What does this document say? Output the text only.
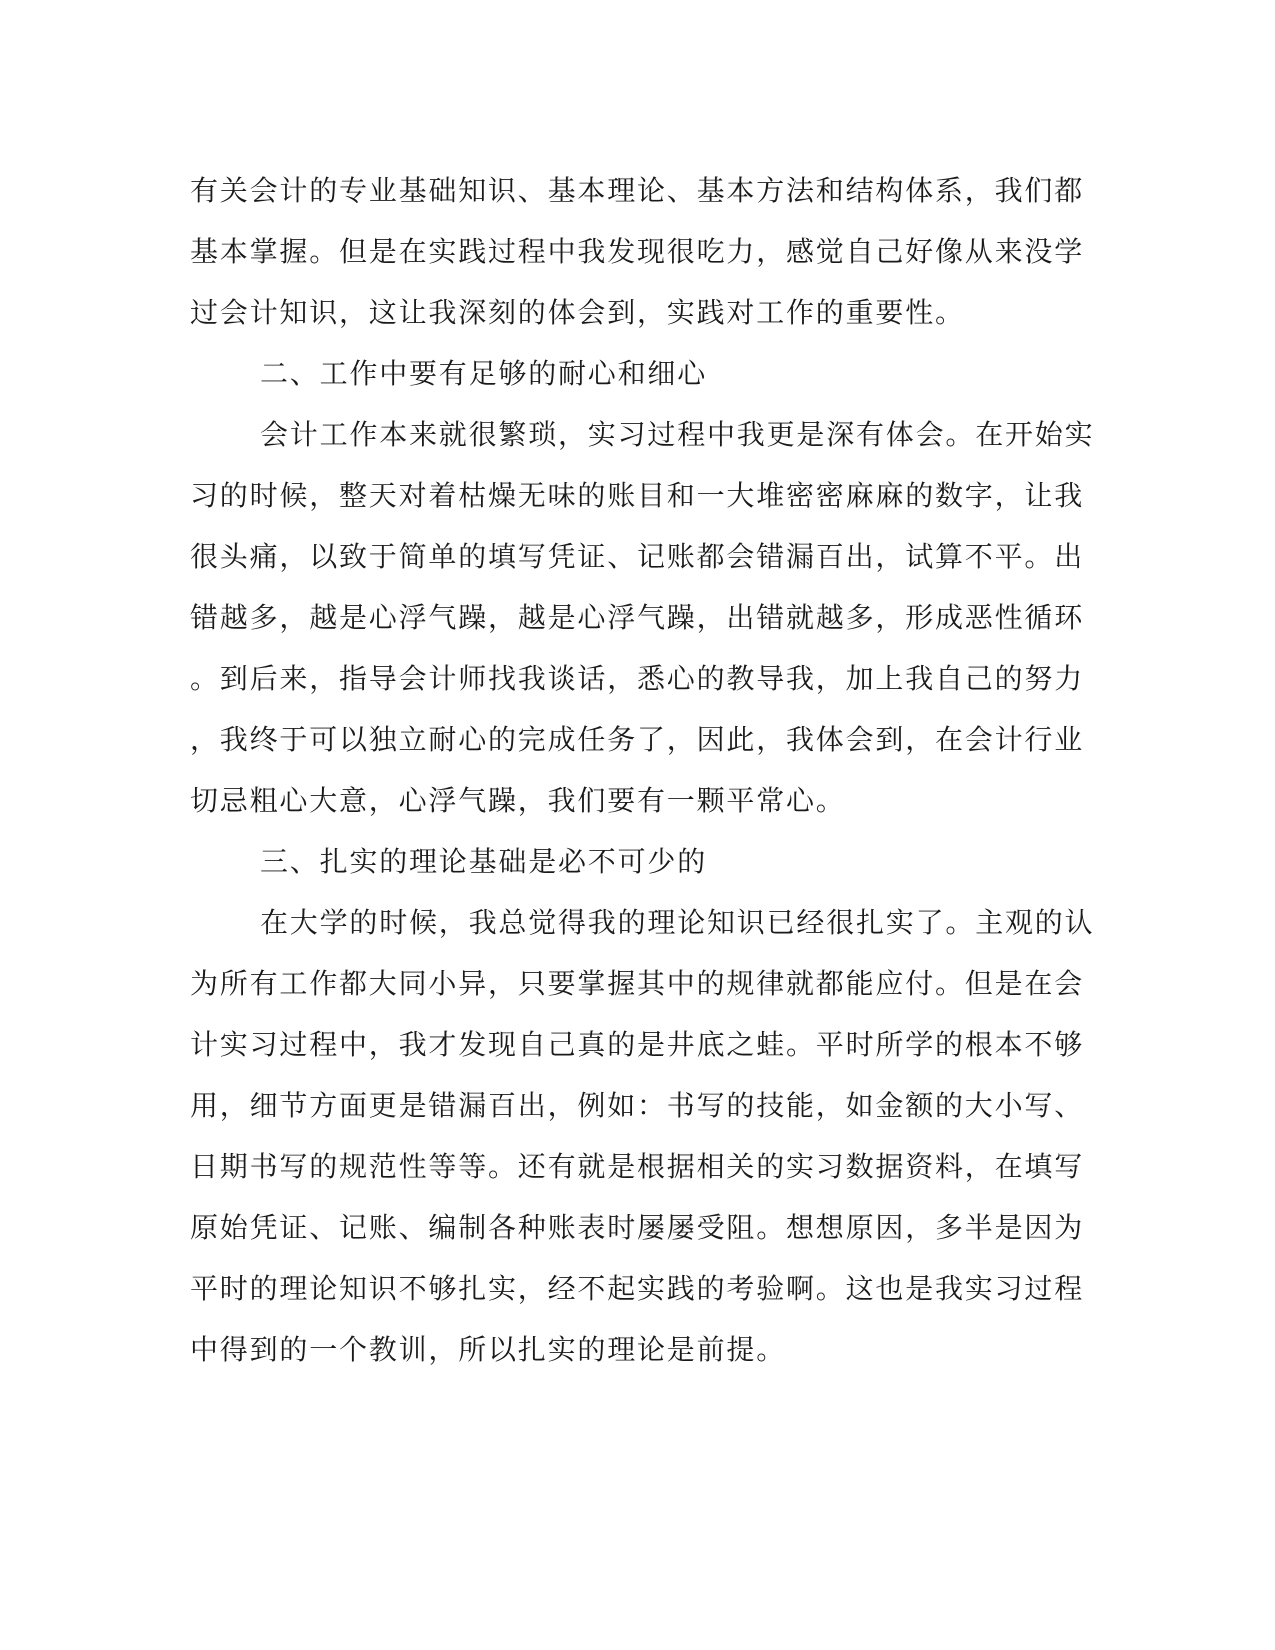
有关会计的专业基础知识、基本理论、基本方法和结构体系，我们都
基本掌握。但是在实践过程中我发现很吃力，感觉自己好像从来没学
过会计知识，这让我深刻的体会到，实践对工作的重要性。
二、工作中要有足够的耐心和细心
会计工作本来就很繁琐，实习过程中我更是深有体会。在开始实
习的时候，整天对着枯燥无味的账目和一大堆密密麻麻的数字，让我
很头痛，以致于简单的填写凭证、记账都会错漏百出，试算不平。出
错越多，越是心浮气躁，越是心浮气躁，出错就越多，形成恶性循环
。到后来，指导会计师找我谈话，悉心的教导我，加上我自己的努力
，我终于可以独立耐心的完成任务了，因此，我体会到，在会计行业
切忌粗心大意，心浮气躁，我们要有一颗平常心。
三、扎实的理论基础是必不可少的
在大学的时候，我总觉得我的理论知识已经很扎实了。主观的认
为所有工作都大同小异，只要掌握其中的规律就都能应付。但是在会
计实习过程中，我才发现自己真的是井底之蛙。平时所学的根本不够
用，细节方面更是错漏百出，例如：书写的技能，如金额的大小写、
日期书写的规范性等等。还有就是根据相关的实习数据资料，在填写
原始凭证、记账、编制各种账表时屡屡受阻。想想原因，多半是因为
平时的理论知识不够扎实，经不起实践的考验啊。这也是我实习过程
中得到的一个教训，所以扎实的理论是前提。
